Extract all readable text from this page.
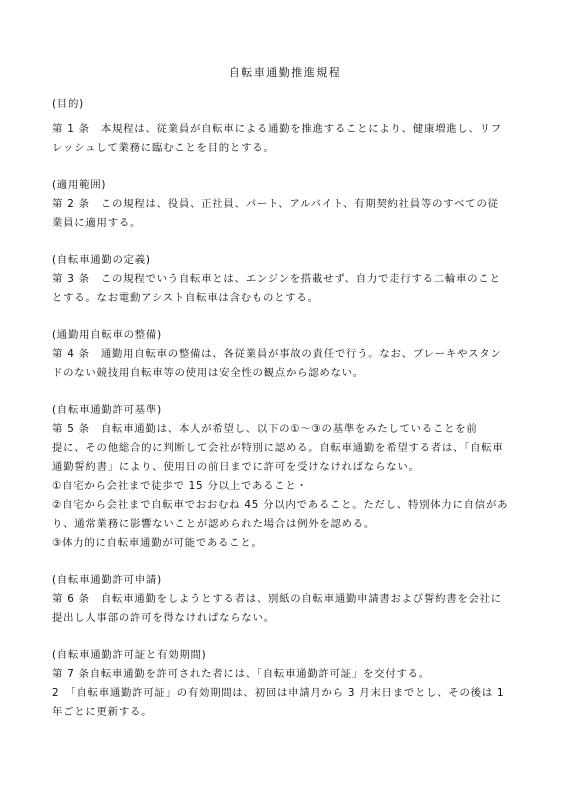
自転車通勤推進規程
(目的)
第 1 条　本規程は、従業員が自転車による通勤を推進することにより、健康増進し、リフ
レッシュして業務に臨むことを目的とする。
(適用範囲)
第 2 条　この規程は、役員、正社員、パート、アルバイト、有期契約社員等のすべての従
業員に適用する。
(自転車通勤の定義)
第 3 条　この規程でいう自転車とは、エンジンを搭載せず、自力で走行する二輪車のこと
とする。なお電動アシスト自転車は含むものとする。
(通勤用自転車の整備)
第 4 条　通勤用自転車の整備は、各従業員が事故の責任で行う。なお、ブレーキやスタン
ドのない競技用自転車等の使用は安全性の観点から認めない。
(自転車通勤許可基準)
第 5 条　自転車通勤は、本人が希望し、以下の①～③の基準をみたしていることを前
提に、その他総合的に判断して会社が特別に認める。自転車通勤を希望する者は、「自転車
通勤誓約書」により、使用日の前日までに許可を受けなければならない。
①自宅から会社まで徒歩で 15 分以上であること・
②自宅から会社まで自転車でおおむね 45 分以内であること。ただし、特別体力に自信があ
り、通常業務に影響ないことが認められた場合は例外を認める。
③体力的に自転車通勤が可能であること。
(自転車通勤許可申請)
第 6 条　自転車通勤をしようとする者は、別紙の自転車通勤申請書および誓約書を会社に
提出し人事部の許可を得なければならない。
(自転車通勤許可証と有効期間)
第 7 条自転車通勤を許可された者には、「自転車通勤許可証」を交付する。
2　「自転車通勤許可証」の有効期間は、初回は申請月から 3 月末日までとし、その後は 1
年ごとに更新する。
